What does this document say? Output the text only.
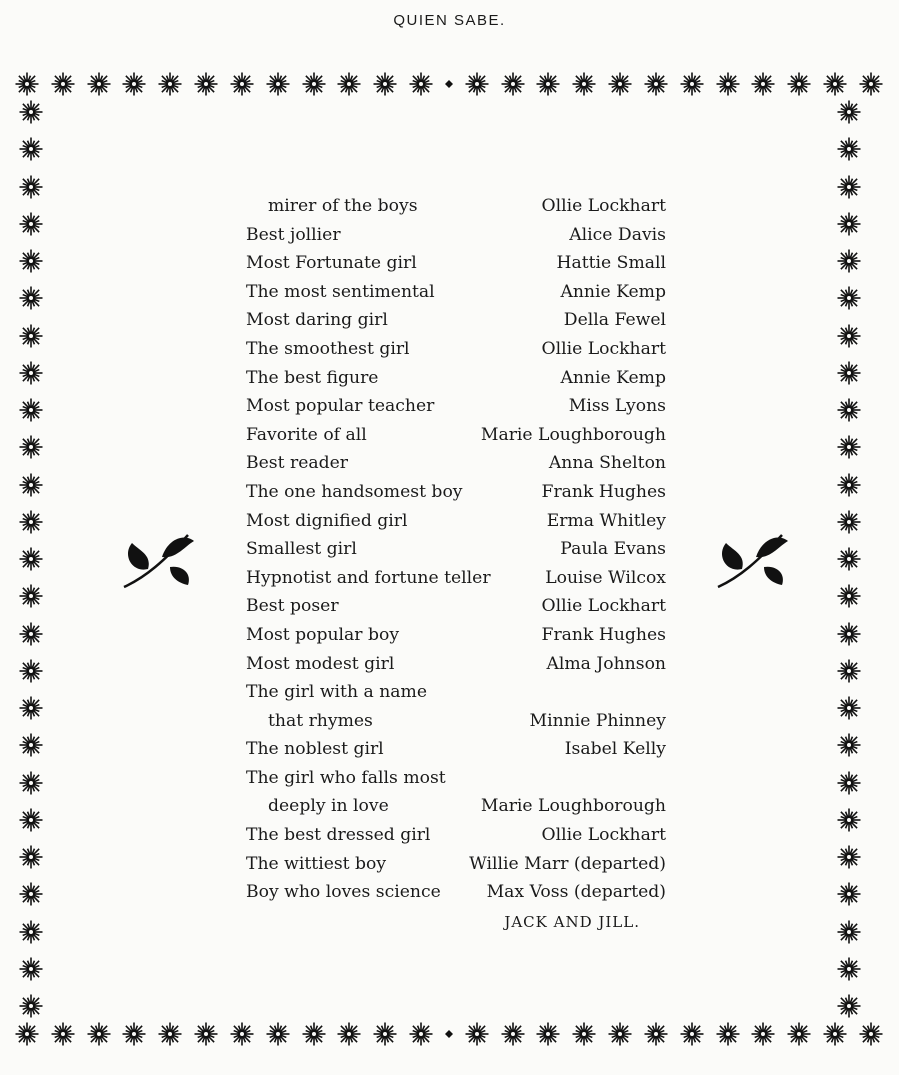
QUIEN SABE.
mirer of the boys	Ollie Lockhart
Best jollier	Alice Davis
Most Fortunate girl	Hattie Small
The most sentimental	Annie Kemp
Most daring girl	Della Fewel
The smoothest girl	Ollie Lockhart
The best figure	Annie Kemp
Most popular teacher	Miss Lyons
Favorite of all	Marie Loughborough
Best reader	Anna Shelton
The one handsomest boy	Frank Hughes
Most dignified girl	Erma Whitley
Smallest girl	Paula Evans
Hypnotist and fortune teller	Louise Wilcox
Best poser	Ollie Lockhart
Most popular boy	Frank Hughes
Most modest girl	Alma Johnson
The girl with a name
that rhymes	Minnie Phinney
The noblest girl	Isabel Kelly
The girl who falls most
deeply in love	Marie Loughborough
The best dressed girl	Ollie Lockhart
The wittiest boy	Willie Marr (departed)
Boy who loves science	Max Voss (departed)
JACK AND JILL.
